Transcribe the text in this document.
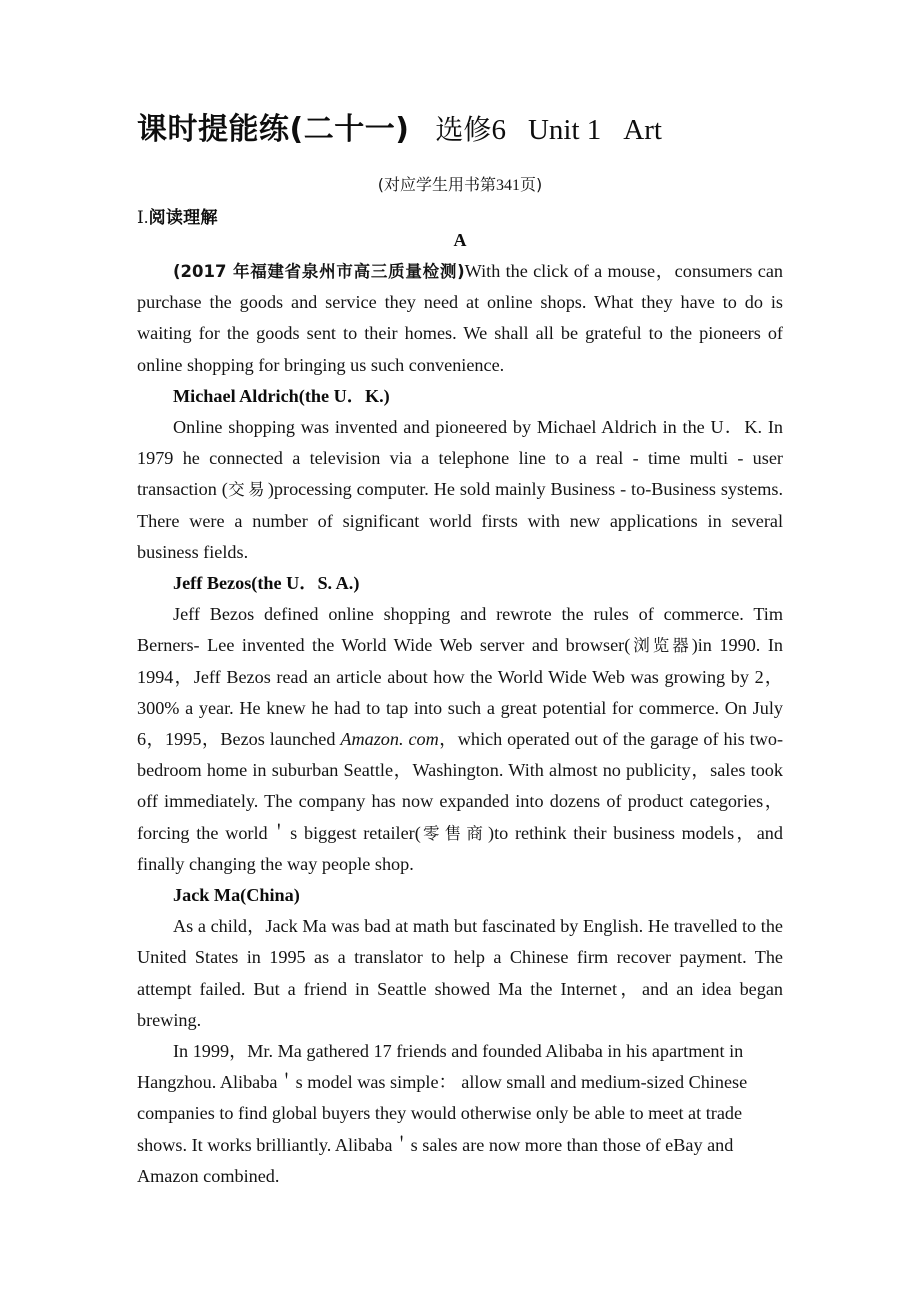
课时提能练(二十一) 选修 6 Unit 1 Art
(对应学生用书第341页)
Ⅰ.阅读理解
A

(2017 年福建省泉州市高三质量检测)With the click of a mouse，consumers can purchase the goods and service they need at online shops. What they have to do is waiting for the goods sent to their homes. We shall all be grateful to the pioneers of online shopping for bringing us such convenience.

Michael Aldrich(the U．K.)

Online shopping was invented and pioneered by Michael Aldrich in the U．K. In 1979 he connected a television via a telephone line to a real - time multi - user transaction (交易)processing computer. He sold mainly Business - to-Business systems. There were a number of significant world firsts with new applications in several business fields.

Jeff Bezos(the U．S. A.)

Jeff Bezos defined online shopping and rewrote the rules of commerce. Tim Berners- Lee invented the World Wide Web server and browser(浏览器)in 1990. In 1994，Jeff Bezos read an article about how the World Wide Web was growing by 2，300% a year. He knew he had to tap into such a great potential for commerce. On July 6，1995，Bezos launched Amazon. com，which operated out of the garage of his two-bedroom home in suburban Seattle，Washington. With almost no publicity，sales took off immediately. The company has now expanded into dozens of product categories，forcing the world＇s biggest retailer(零售商)to rethink their business models，and finally changing the way people shop.

Jack Ma(China)

As a child，Jack Ma was bad at math but fascinated by English. He travelled to the United States in 1995 as a translator to help a Chinese firm recover payment. The attempt failed. But a friend in Seattle showed Ma the Internet，and an idea began brewing.

In 1999，Mr. Ma gathered 17 friends and founded Alibaba in his apartment in Hangzhou. Alibaba＇s model was simple： allow small and medium-sized Chinese companies to find global buyers they would otherwise only be able to meet at trade shows. It works brilliantly. Alibaba＇s sales are now more than those of eBay and Amazon combined.
